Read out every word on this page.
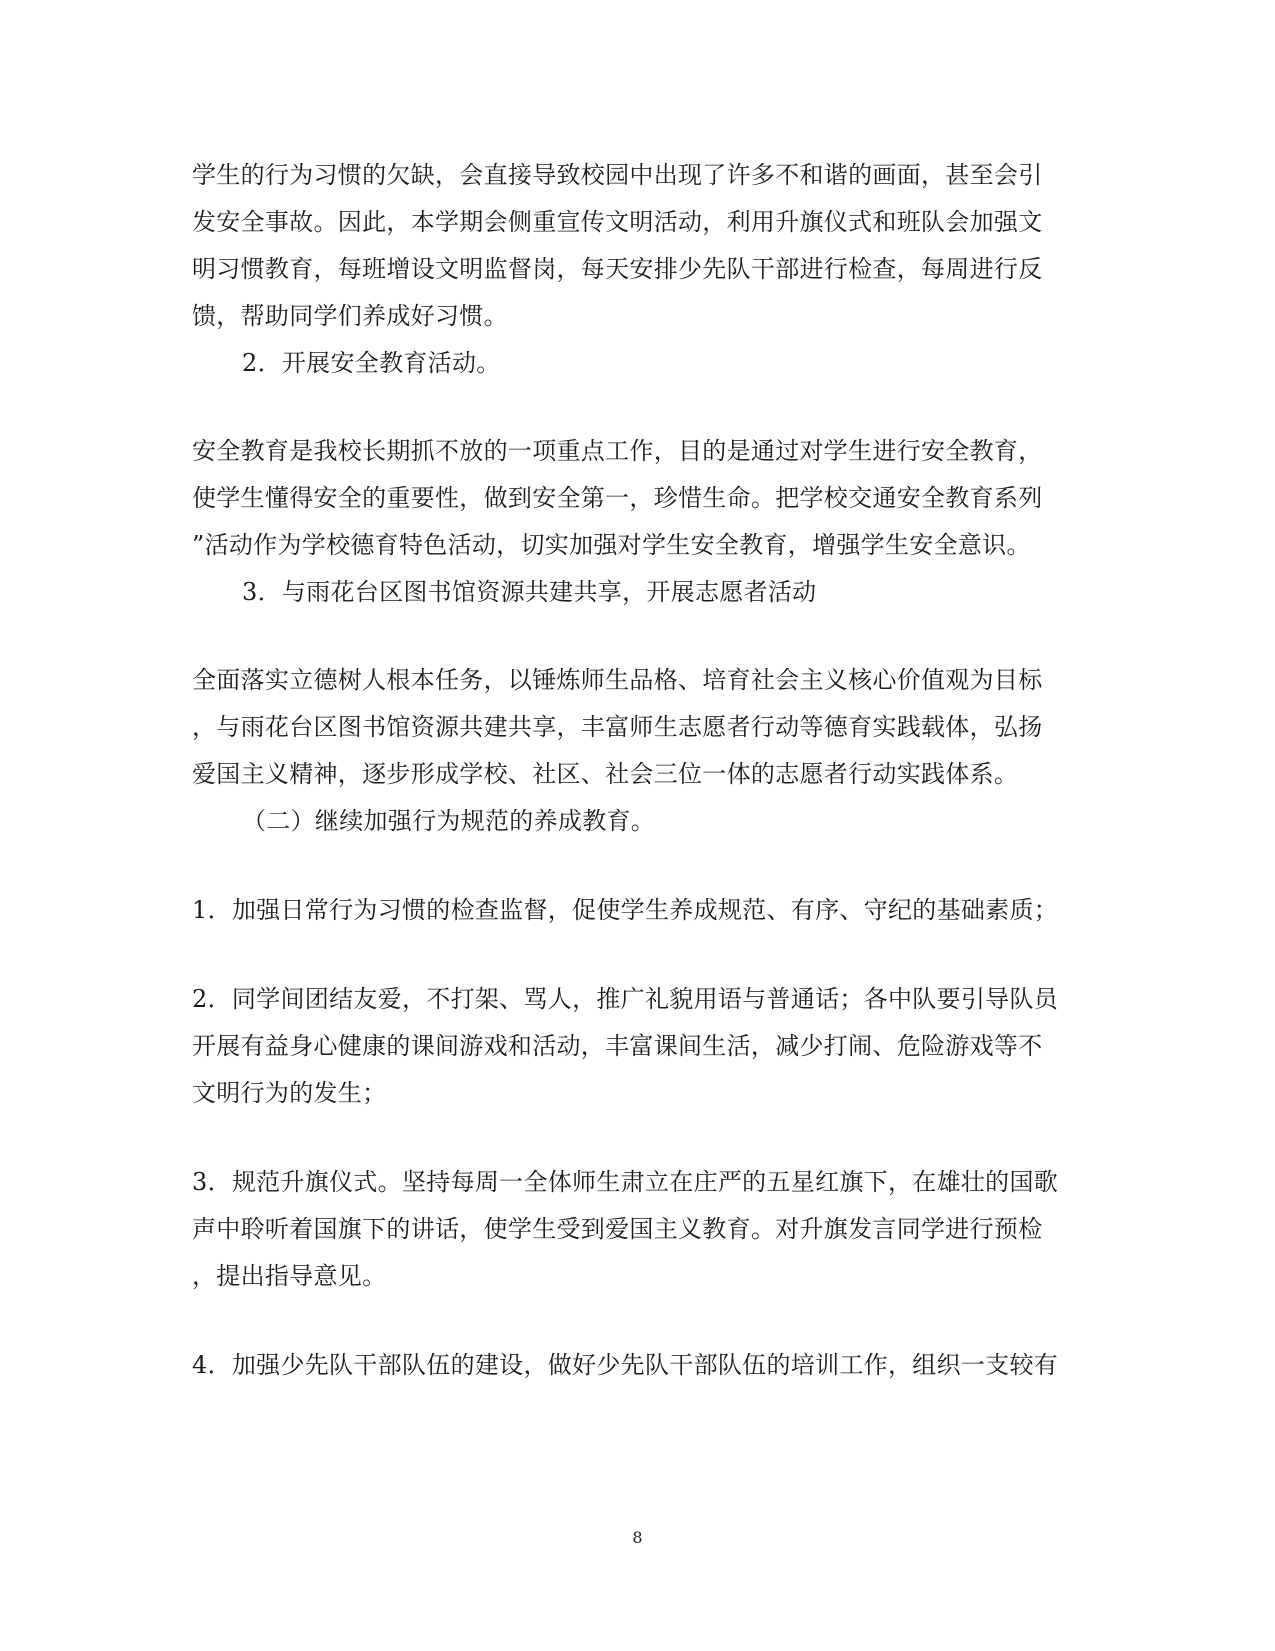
学生的行为习惯的欠缺，会直接导致校园中出现了许多不和谐的画面，甚至会引

发安全事故。因此，本学期会侧重宣传文明活动，利用升旗仪式和班队会加强文

明习惯教育，每班增设文明监督岗，每天安排少先队干部进行检查，每周进行反

馈，帮助同学们养成好习惯。

2．开展安全教育活动。

安全教育是我校长期抓不放的一项重点工作，目的是通过对学生进行安全教育，

使学生懂得安全的重要性，做到安全第一，珍惜生命。把学校交通安全教育系列

”活动作为学校德育特色活动，切实加强对学生安全教育，增强学生安全意识。

3．与雨花台区图书馆资源共建共享，开展志愿者活动

全面落实立德树人根本任务，以锤炼师生品格、培育社会主义核心价值观为目标

，与雨花台区图书馆资源共建共享，丰富师生志愿者行动等德育实践载体，弘扬

爱国主义精神，逐步形成学校、社区、社会三位一体的志愿者行动实践体系。

（二）继续加强行为规范的养成教育。

1．加强日常行为习惯的检查监督，促使学生养成规范、有序、守纪的基础素质；

2．同学间团结友爱，不打架、骂人，推广礼貌用语与普通话；各中队要引导队员

开展有益身心健康的课间游戏和活动，丰富课间生活，减少打闹、危险游戏等不

文明行为的发生；

3．规范升旗仪式。坚持每周一全体师生肃立在庄严的五星红旗下，在雄壮的国歌

声中聆听着国旗下的讲话，使学生受到爱国主义教育。对升旗发言同学进行预检

，提出指导意见。

4．加强少先队干部队伍的建设，做好少先队干部队伍的培训工作，组织一支较有

8
